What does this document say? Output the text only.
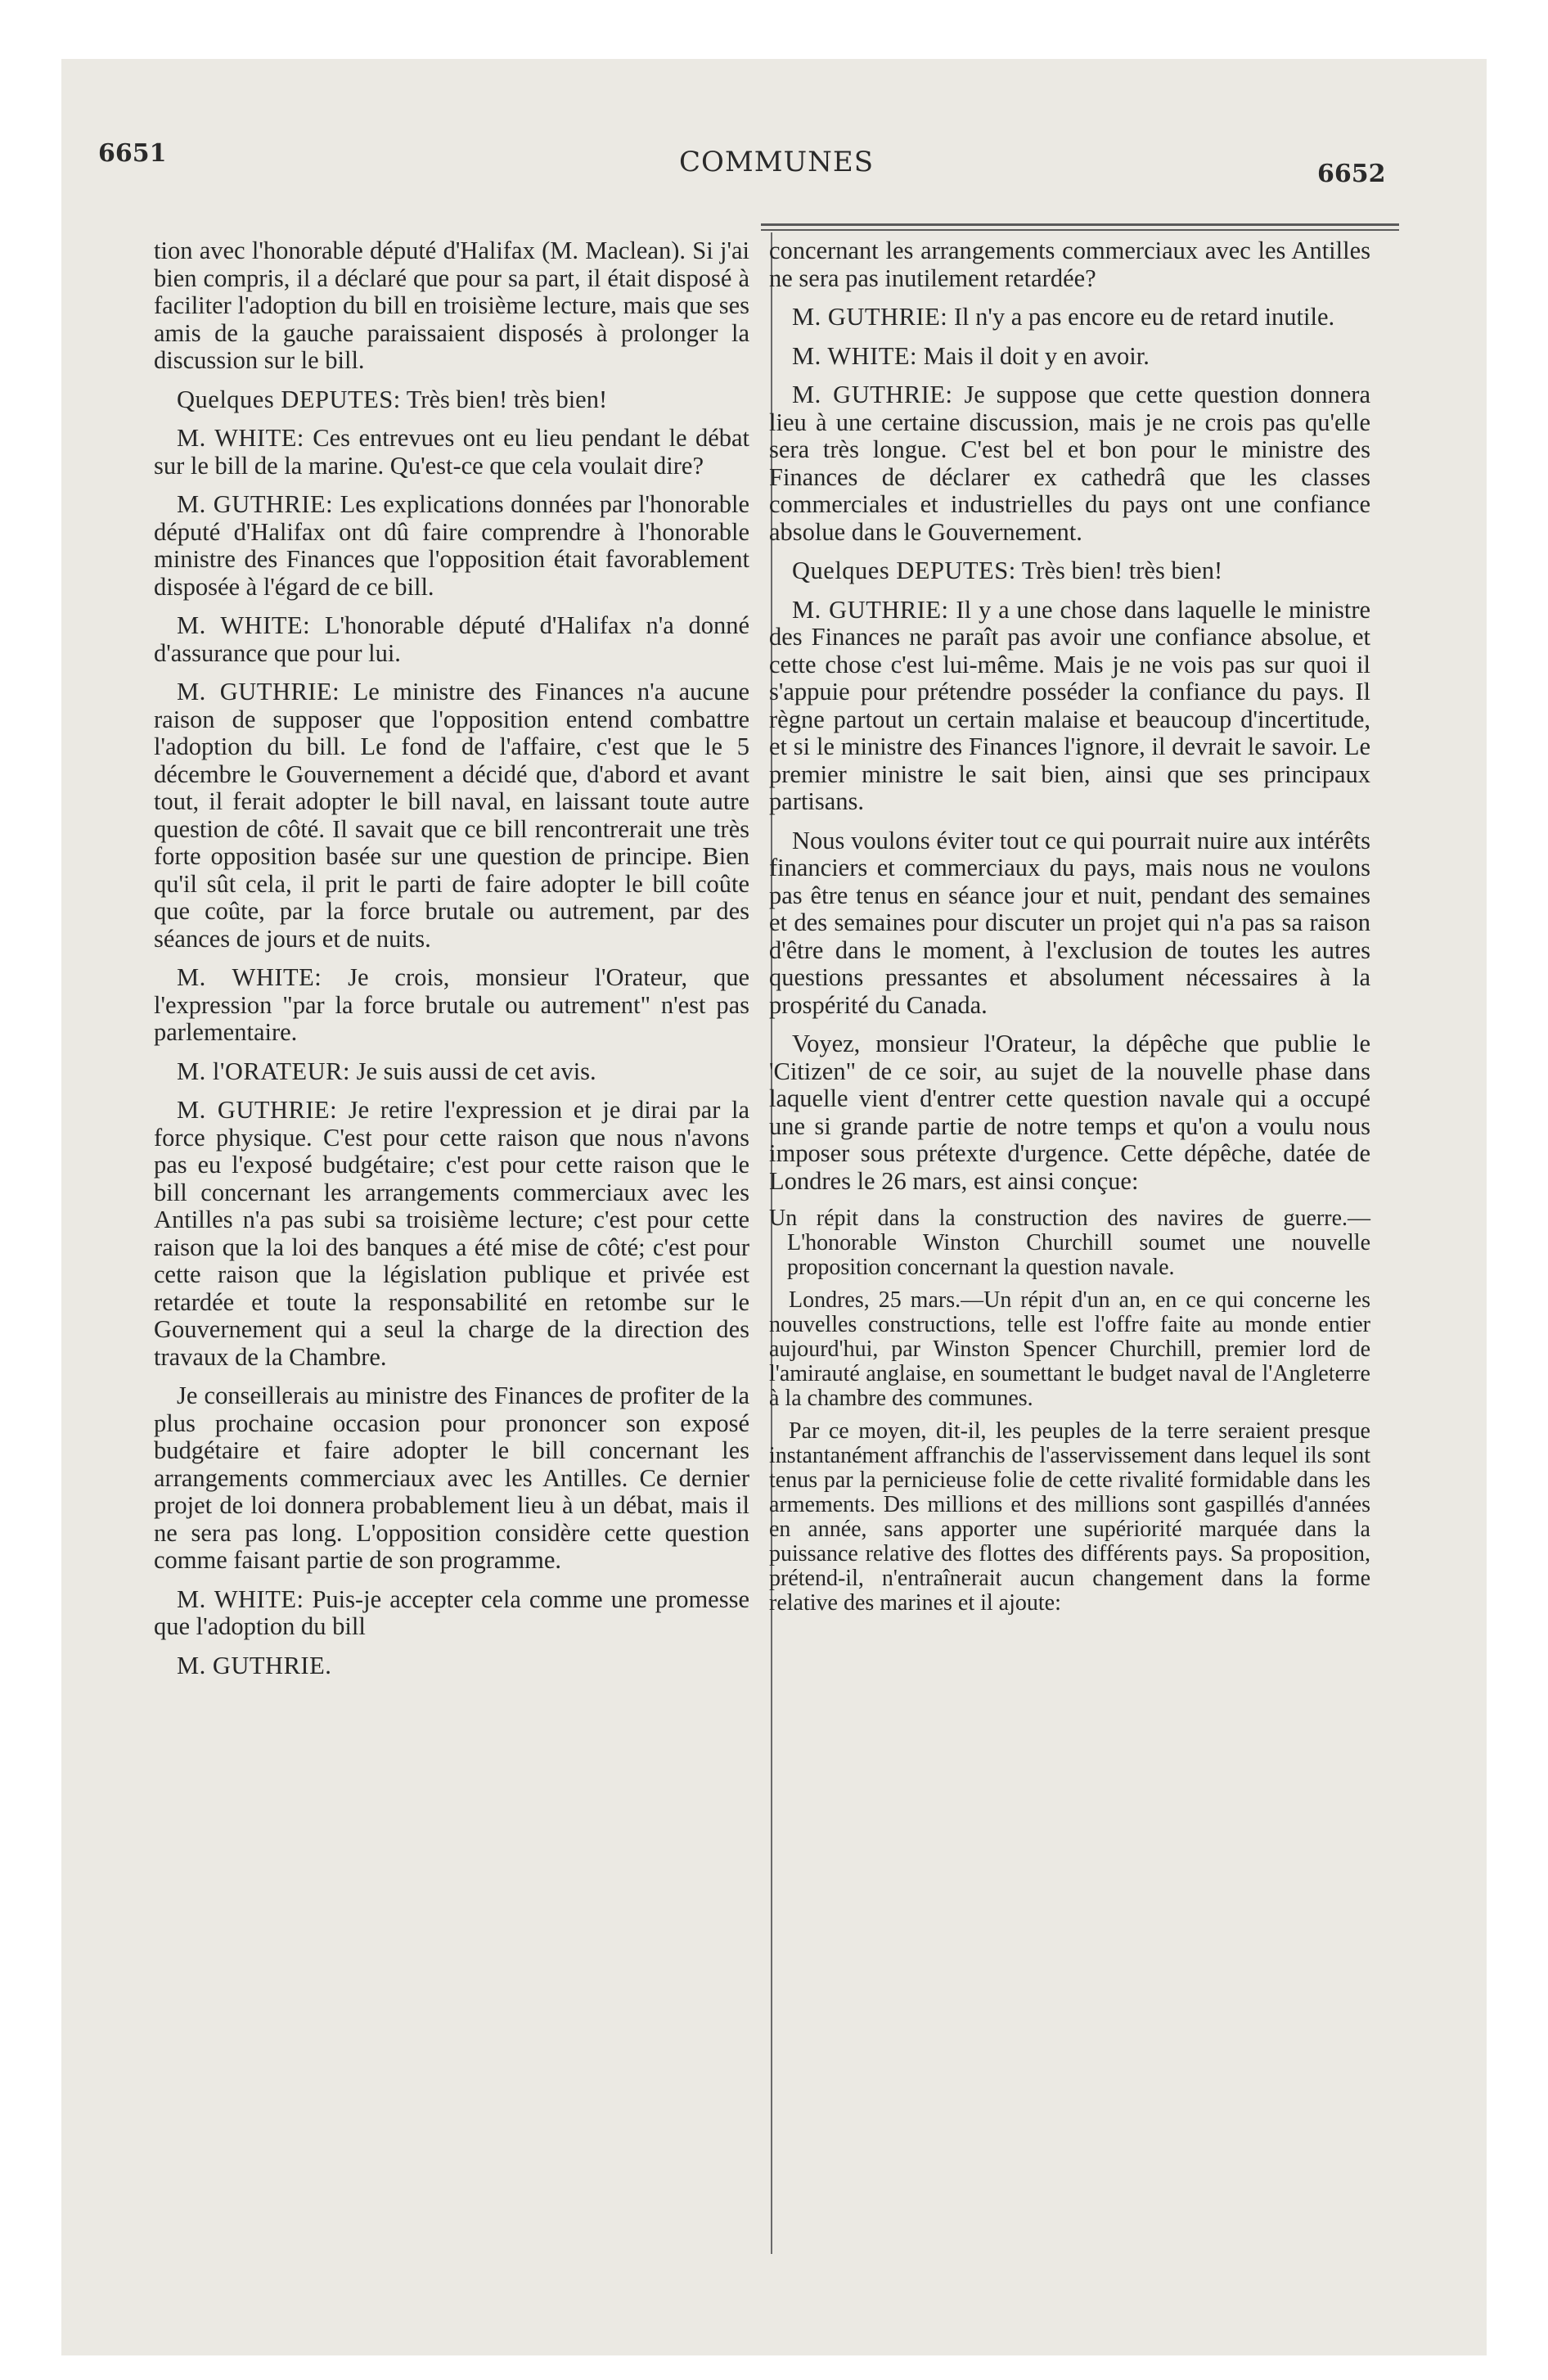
6651	COMMUNES	6652

tion avec l'honorable député d'Halifax (M. Maclean). Si j'ai bien compris, il a déclaré que pour sa part, il était disposé à faciliter l'adoption du bill en troisième lecture, mais que ses amis de la gauche paraissaient disposés à prolonger la discussion sur le bill.

Quelques DEPUTES: Très bien! très bien!

M. WHITE: Ces entrevues ont eu lieu pendant le débat sur le bill de la marine. Qu'est-ce que cela voulait dire?

M. GUTHRIE: Les explications données par l'honorable député d'Halifax ont dû faire comprendre à l'honorable ministre des Finances que l'opposition était favorablement disposée à l'égard de ce bill.

M. WHITE: L'honorable député d'Halifax n'a donné d'assurance que pour lui.

M. GUTHRIE: Le ministre des Finances n'a aucune raison de supposer que l'opposition entend combattre l'adoption du bill. Le fond de l'affaire, c'est que le 5 décembre le Gouvernement a décidé que, d'abord et avant tout, il ferait adopter le bill naval, en laissant toute autre question de côté. Il savait que ce bill rencontrerait une très forte opposition basée sur une question de principe. Bien qu'il sût cela, il prit le parti de faire adopter le bill coûte que coûte, par la force brutale ou autrement, par des séances de jours et de nuits.

M. WHITE: Je crois, monsieur l'Orateur, que l'expression "par la force brutale ou autrement" n'est pas parlementaire.

M. l'ORATEUR: Je suis aussi de cet avis.

M. GUTHRIE: Je retire l'expression et je dirai par la force physique. C'est pour cette raison que nous n'avons pas eu l'exposé budgétaire; c'est pour cette raison que le bill concernant les arrangements commerciaux avec les Antilles n'a pas subi sa troisième lecture; c'est pour cette raison que la loi des banques a été mise de côté; c'est pour cette raison que la législation publique et privée est retardée et toute la responsabilité en retombe sur le Gouvernement qui a seul la charge de la direction des travaux de la Chambre.

Je conseillerais au ministre des Finances de profiter de la plus prochaine occasion pour prononcer son exposé budgétaire et faire adopter le bill concernant les arrangements commerciaux avec les Antilles. Ce dernier projet de loi donnera probablement lieu à un débat, mais il ne sera pas long. L'opposition considère cette question comme faisant partie de son programme.

M. WHITE: Puis-je accepter cela comme une promesse que l'adoption du bill

M. GUTHRIE.

concernant les arrangements commerciaux avec les Antilles ne sera pas inutilement retardée?

M. GUTHRIE: Il n'y a pas encore eu de retard inutile.

M. WHITE: Mais il doit y en avoir.

M. GUTHRIE: Je suppose que cette question donnera lieu à une certaine discussion, mais je ne crois pas qu'elle sera très longue. C'est bel et bon pour le ministre des Finances de déclarer ex cathedrâ que les classes commerciales et industrielles du pays ont une confiance absolue dans le Gouvernement.

Quelques DEPUTES: Très bien! très bien!

M. GUTHRIE: Il y a une chose dans laquelle le ministre des Finances ne paraît pas avoir une confiance absolue, et cette chose c'est lui-même. Mais je ne vois pas sur quoi il s'appuie pour prétendre posséder la confiance du pays. Il règne partout un certain malaise et beaucoup d'incertitude, et si le ministre des Finances l'ignore, il devrait le savoir. Le premier ministre le sait bien, ainsi que ses principaux partisans.

Nous voulons éviter tout ce qui pourrait nuire aux intérêts financiers et commerciaux du pays, mais nous ne voulons pas être tenus en séance jour et nuit, pendant des semaines et des semaines pour discuter un projet qui n'a pas sa raison d'être dans le moment, à l'exclusion de toutes les autres questions pressantes et absolument nécessaires à la prospérité du Canada.

Voyez, monsieur l'Orateur, la dépêche que publie le 'Citizen" de ce soir, au sujet de la nouvelle phase dans laquelle vient d'entrer cette question navale qui a occupé une si grande partie de notre temps et qu'on a voulu nous imposer sous prétexte d'urgence. Cette dépêche, datée de Londres le 26 mars, est ainsi conçue:

Un répit dans la construction des navires de guerre.—L'honorable Winston Churchill soumet une nouvelle proposition concernant la question navale.

Londres, 25 mars.—Un répit d'un an, en ce qui concerne les nouvelles constructions, telle est l'offre faite au monde entier aujourd'hui, par Winston Spencer Churchill, premier lord de l'amirauté anglaise, en soumettant le budget naval de l'Angleterre à la chambre des communes.

Par ce moyen, dit-il, les peuples de la terre seraient presque instantanément affranchis de l'asservissement dans lequel ils sont tenus par la pernicieuse folie de cette rivalité formidable dans les armements. Des millions et des millions sont gaspillés d'années en année, sans apporter une supériorité marquée dans la puissance relative des flottes des différents pays. Sa proposition, prétend-il, n'entraînerait aucun changement dans la forme relative des marines et il ajoute:
